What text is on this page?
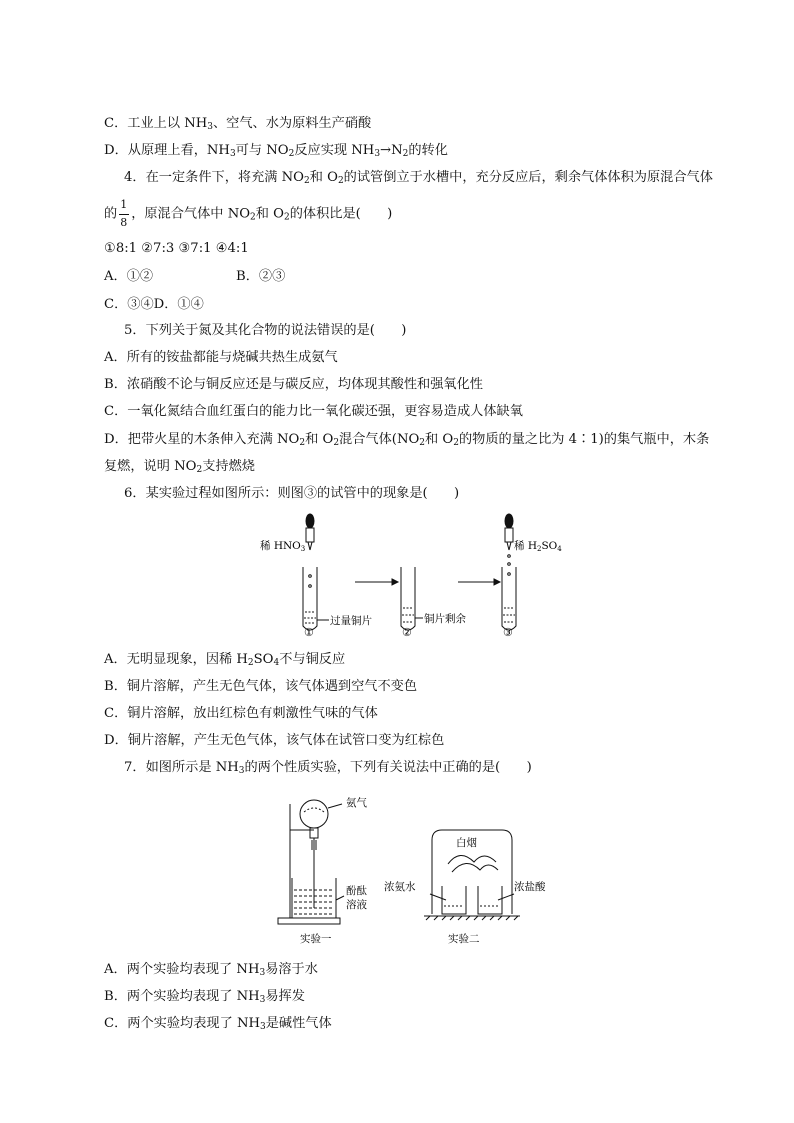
C．工业上以 $NH_3$、空气、水为原料生产硝酸
D．从原理上看，$NH_3$可与 $NO_2$反应实现 $NH_3\to N_2$的转化
4．在一定条件下，将充满 $NO_2$和 $O_2$的试管倒立于水槽中，充分反应后，剩余气体体积为原混合气体
的 $\frac{1}{8}$ ，原混合气体中 $NO_2$和 $O_2$的体积比是(　　)
①8:1 ②7:3 ③7:1 ④4:1
A．①②	B．②③
C．③④D．①④
5．下列关于氮及其化合物的说法错误的是(　　)
A．所有的铵盐都能与烧碱共热生成氨气
B．浓硝酸不论与铜反应还是与碳反应，均体现其酸性和强氧化性
C．一氧化氮结合血红蛋白的能力比一氧化碳还强，更容易造成人体缺氧
D．把带火星的木条伸入充满 $NO_2$和 $O_2$混合气体($NO_2$和 $O_2$的物质的量之比为 4∶1)的集气瓶中，木条
复燃，说明 $NO_2$支持燃烧
6．某实验过程如图所示：则图③的试管中的现象是(　　)
稀 HNO3	稀 H2SO4
过量铜片	铜片剩余
①	②	③
A．无明显现象，因稀 $H_2SO_4$不与铜反应
B．铜片溶解，产生无色气体，该气体遇到空气不变色
C．铜片溶解，放出红棕色有刺激性气味的气体
D．铜片溶解，产生无色气体，该气体在试管口变为红棕色
7．如图所示是 $NH_3$的两个性质实验，下列有关说法中正确的是(　　)
氨气
酚酞
溶液
实验一
白烟
浓氨水	浓盐酸
实验二
A．两个实验均表现了 $NH_3$易溶于水
B．两个实验均表现了 $NH_3$易挥发
C．两个实验均表现了 $NH_3$是碱性气体
